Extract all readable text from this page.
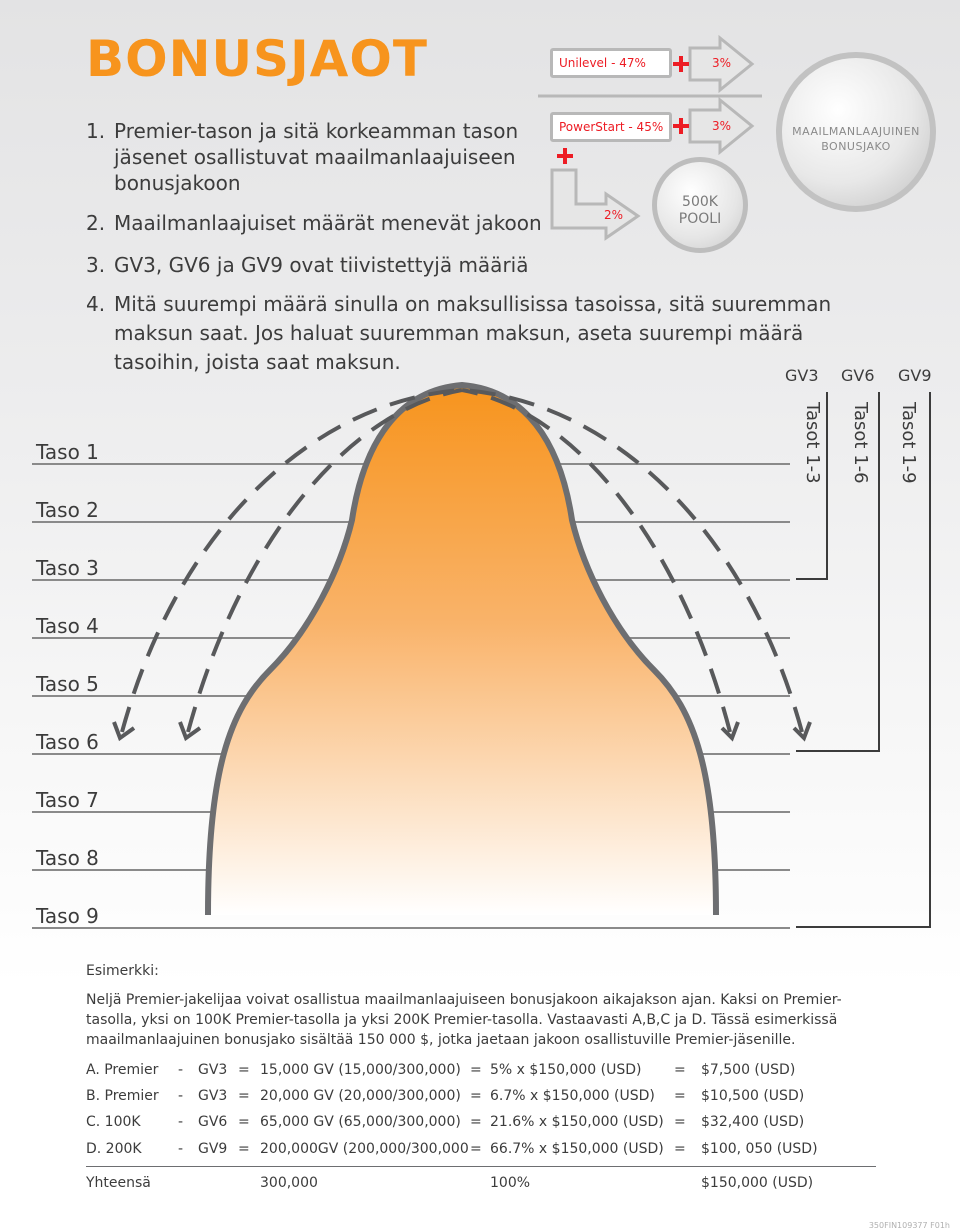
BONUSJAOT
1. Premier-tason ja sitä korkeamman tason
jäsenet osallistuvat maailmanlaajuiseen
bonusjakoon
2. Maailmanlaajuiset määrät menevät jakoon
3. GV3, GV6 ja GV9 ovat tiivistettyjä määriä
4. Mitä suurempi määrä sinulla on maksullisissa tasoissa, sitä suuremman
maksun saat. Jos haluat suuremman maksun, aseta suurempi määrä
tasoihin, joista saat maksun.
Unilevel - 47%	3%
PowerStart - 45%	3%
2%
500K
POOLI
MAAILMANLAAJUINEN
BONUSJAKO
Taso 1
Taso 2
Taso 3
Taso 4
Taso 5
Taso 6
Taso 7
Taso 8
Taso 9
GV3 GV6 GV9
Tasot 1-3 Tasot 1-6 Tasot 1-9
Esimerkki:
Neljä Premier-jakelijaa voivat osallistua maailmanlaajuiseen bonusjakoon aikajakson ajan. Kaksi on Premier-tasolla, yksi on 100K Premier-tasolla ja yksi 200K Premier-tasolla. Vastaavasti A,B,C ja D. Tässä esimerkissä maailmanlaajuinen bonusjako sisältää 150 000 $, jotka jaetaan jakoon osallistuville Premier-jäsenille.
A. Premier - GV3 = 15,000 GV (15,000/300,000) = 5% x $150,000 (USD) = $7,500 (USD)
B. Premier - GV3 = 20,000 GV (20,000/300,000) = 6.7% x $150,000 (USD) = $10,500 (USD)
C. 100K	- GV6 = 65,000 GV (65,000/300,000) = 21.6% x $150,000 (USD) = $32,400 (USD)
D. 200K	- GV9 = 200,000GV (200,000/300,000 = 66.7% x $150,000 (USD) = $100, 050 (USD)
Yhteensä	300,000	100%	$150,000 (USD)
350FIN109377 F01h
